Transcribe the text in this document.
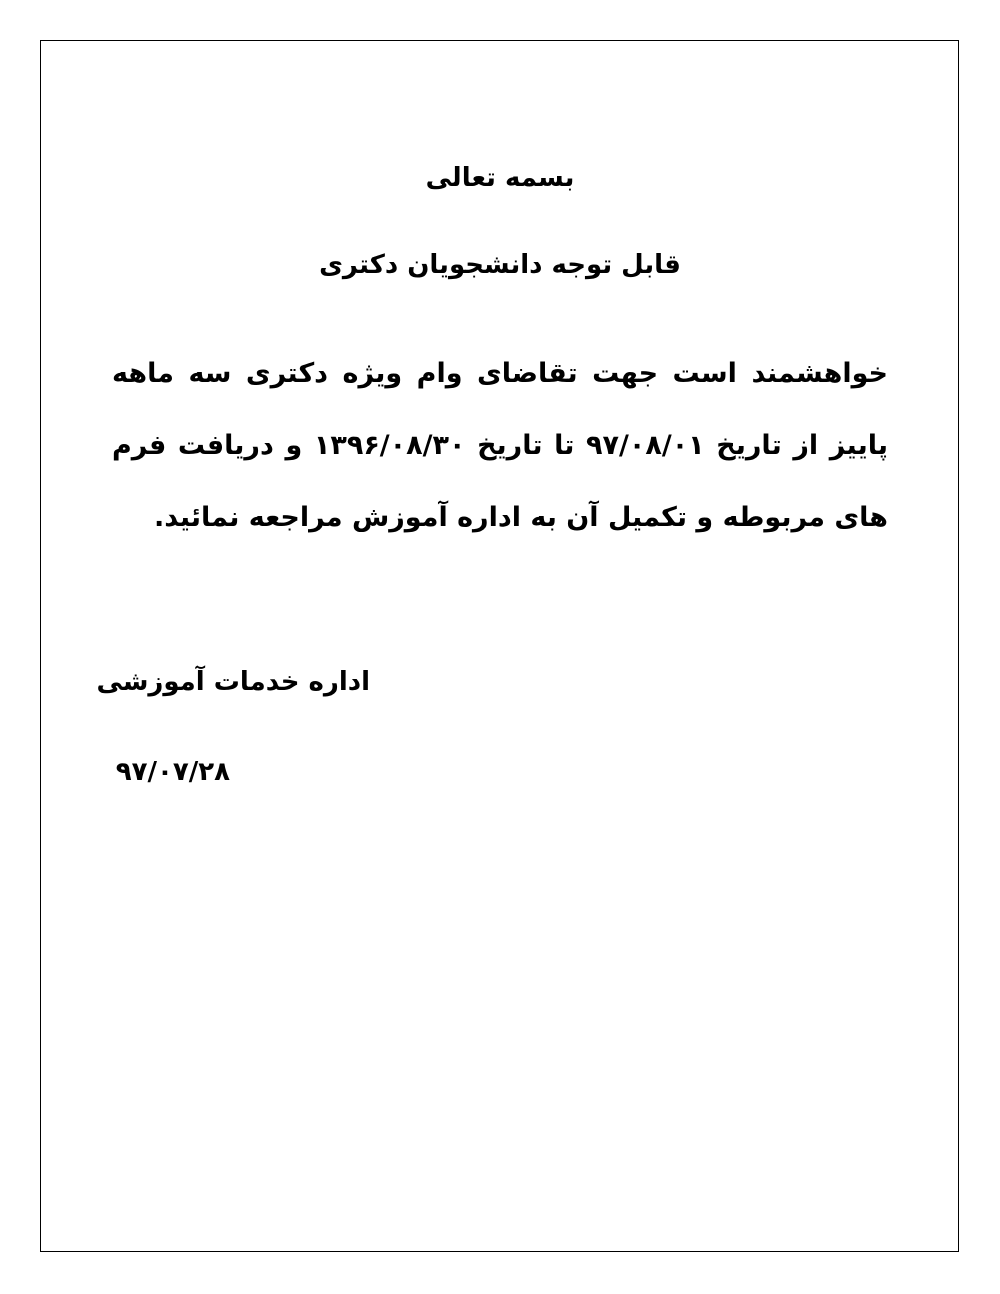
بسمه تعالی
قابل توجه دانشجویان دکتری
خواهشمند است جهت تقاضای وام ویژه دکتری سه ماهه پاییز از تاریخ ۹۷/۰۸/۰۱ تا تاریخ ۱۳۹۶/۰۸/۳۰ و دریافت فرم های مربوطه و تکمیل آن به اداره آموزش مراجعه نمائید.
اداره خدمات آموزشی
۹۷/۰۷/۲۸
